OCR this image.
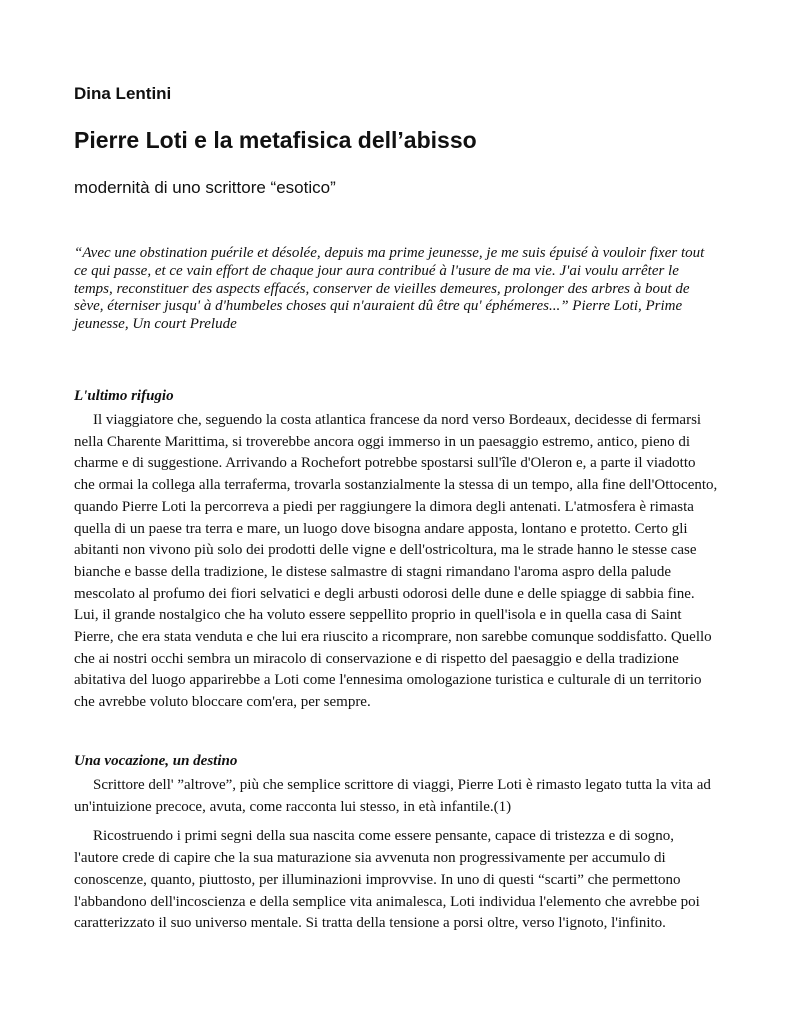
Dina Lentini

Pierre Loti e la metafisica dell’abisso

modernità di uno scrittore “esotico”

“Avec une obstination puérile et désolée, depuis ma prime jeunesse, je me suis épuisé à vouloir fixer tout ce qui passe, et ce vain effort de chaque jour aura contribué à l'usure de ma vie. J'ai voulu arrêter le temps, reconstituer des aspects effacés, conserver de vieilles demeures, prolonger des arbres à bout de sève, éterniser jusqu' à d'humbeles choses qui n'auraient dû être qu' éphémeres...” Pierre Loti, Prime jeunesse, Un court Prelude

L'ultimo rifugio

Il viaggiatore che, seguendo la costa atlantica francese da nord verso Bordeaux, decidesse di fermarsi nella Charente Marittima, si troverebbe ancora oggi immerso in un paesaggio estremo, antico, pieno di charme e di suggestione. Arrivando a Rochefort potrebbe spostarsi sull'île d'Oleron e, a parte il viadotto che ormai la collega alla terraferma, trovarla sostanzialmente la stessa di un tempo, alla fine dell'Ottocento, quando Pierre Loti la percorreva a piedi per raggiungere la dimora degli antenati. L'atmosfera è rimasta quella di un paese tra terra e mare, un luogo dove bisogna andare apposta, lontano e protetto. Certo gli abitanti non vivono più solo dei prodotti delle vigne e dell'ostricoltura, ma le strade hanno le stesse case bianche e basse della tradizione, le distese salmastre di stagni rimandano l'aroma aspro della palude mescolato al profumo dei fiori selvatici e degli arbusti odorosi delle dune e delle spiagge di sabbia fine. Lui, il grande nostalgico che ha voluto essere seppellito proprio in quell'isola e in quella casa di Saint Pierre, che era stata venduta e che lui era riuscito a ricomprare, non sarebbe comunque soddisfatto. Quello che ai nostri occhi sembra un miracolo di conservazione e di rispetto del paesaggio e della tradizione abitativa del luogo apparirebbe a Loti come l'ennesima omologazione turistica e culturale di un territorio che avrebbe voluto bloccare com'era, per sempre.

Una vocazione, un destino

Scrittore dell' ”altrove”, più che semplice scrittore di viaggi, Pierre Loti è rimasto legato tutta la vita ad un'intuizione precoce, avuta, come racconta lui stesso, in età infantile.(1)

Ricostruendo i primi segni della sua nascita come essere pensante, capace di tristezza e di sogno, l'autore crede di capire che la sua maturazione sia avvenuta non progressivamente per accumulo di conoscenze, quanto, piuttosto, per illuminazioni improvvise. In uno di questi “scarti” che permettono l'abbandono dell'incoscienza e della semplice vita animalesca, Loti individua l'elemento che avrebbe poi caratterizzato il suo universo mentale. Si tratta della tensione a porsi oltre, verso l'ignoto, l'infinito.
